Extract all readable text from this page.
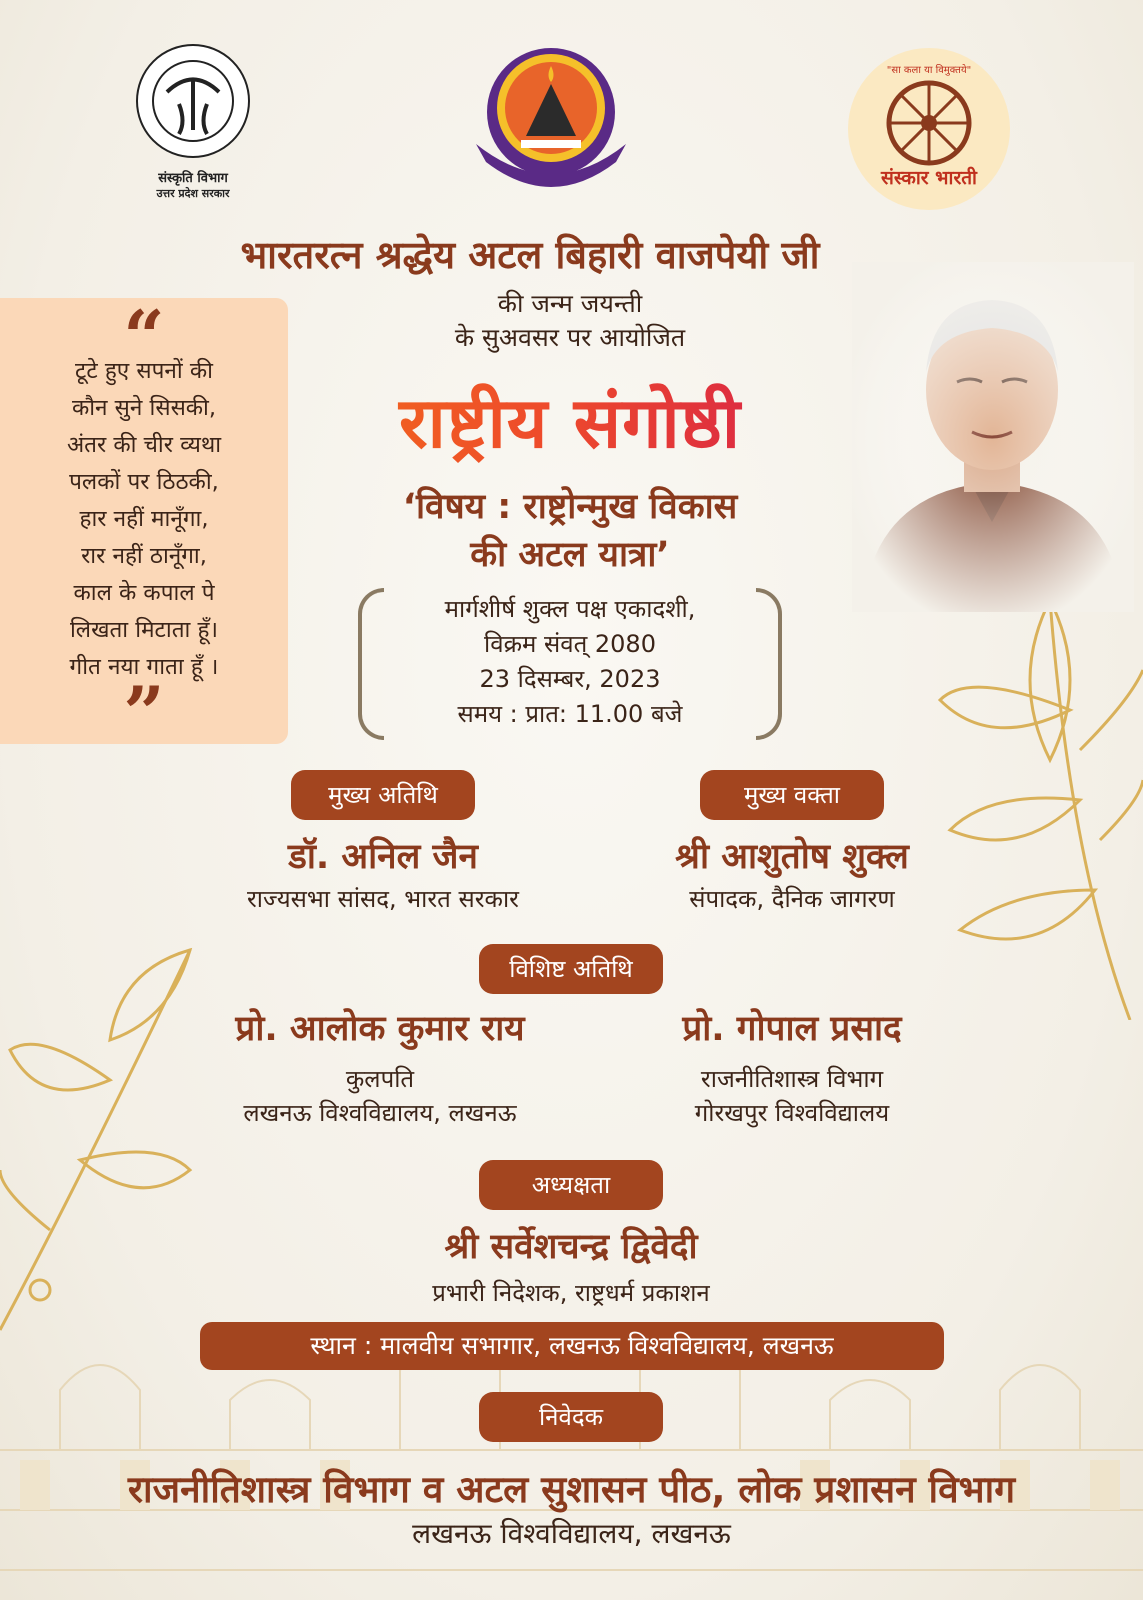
संस्कृति विभाग
उत्तर प्रदेश सरकार
"सा कला या विमुक्तये"
संस्कार भारती
भारतरत्न श्रद्धेय अटल बिहारी वाजपेयी जी
की जन्म जयन्ती
के सुअवसर पर आयोजित
राष्ट्रीय संगोष्ठी
‘विषय : राष्ट्रोन्मुख विकास
की अटल यात्रा’
मार्गशीर्ष शुक्ल पक्ष एकादशी,
विक्रम संवत् 2080
23 दिसम्बर, 2023
समय : प्रात: 11.00 बजे
“
टूटे हुए सपनों की
कौन सुने सिसकी,
अंतर की चीर व्यथा
पलकों पर ठिठकी,
हार नहीं मानूँगा,
रार नहीं ठानूँगा,
काल के कपाल पे
लिखता मिटाता हूँ।
गीत नया गाता हूँ ।
”
मुख्य अतिथि
डॉ. अनिल जैन
राज्यसभा सांसद, भारत सरकार
मुख्य वक्ता
श्री आशुतोष शुक्ल
संपादक, दैनिक जागरण
विशिष्ट अतिथि
प्रो. आलोक कुमार राय
कुलपति
लखनऊ विश्वविद्यालय, लखनऊ
प्रो. गोपाल प्रसाद
राजनीतिशास्त्र विभाग
गोरखपुर विश्वविद्यालय
अध्यक्षता
श्री सर्वेशचन्द्र द्विवेदी
प्रभारी निदेशक, राष्ट्रधर्म प्रकाशन
स्थान : मालवीय सभागार, लखनऊ विश्वविद्यालय, लखनऊ
निवेदक
राजनीतिशास्त्र विभाग व अटल सुशासन पीठ, लोक प्रशासन विभाग
लखनऊ विश्वविद्यालय, लखनऊ
